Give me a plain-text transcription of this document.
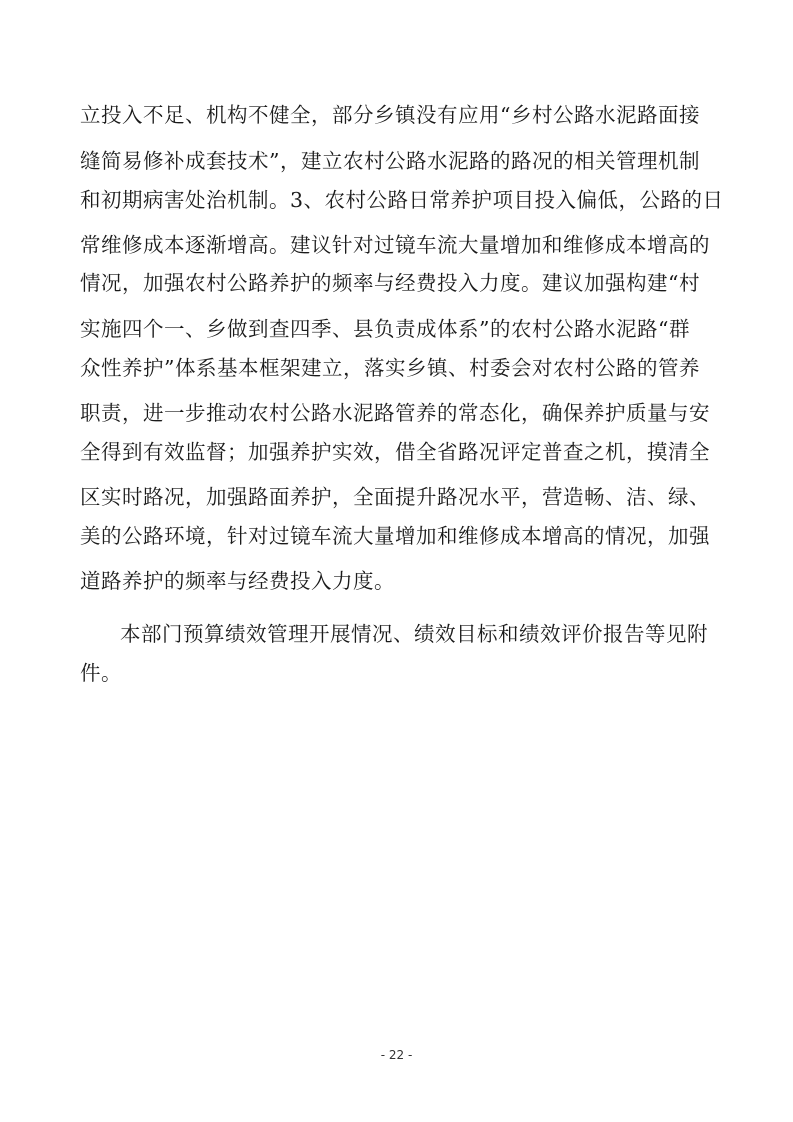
立投入不足、机构不健全，部分乡镇没有应用“乡村公路水泥路面接
缝简易修补成套技术”，建立农村公路水泥路的路况的相关管理机制
和初期病害处治机制。3、农村公路日常养护项目投入偏低，公路的日
常维修成本逐渐增高。建议针对过镜车流大量增加和维修成本增高的
情况，加强农村公路养护的频率与经费投入力度。建议加强构建“村
实施四个一、乡做到查四季、县负责成体系”的农村公路水泥路“群
众性养护”体系基本框架建立，落实乡镇、村委会对农村公路的管养
职责，进一步推动农村公路水泥路管养的常态化，确保养护质量与安
全得到有效监督；加强养护实效，借全省路况评定普查之机，摸清全
区实时路况，加强路面养护，全面提升路况水平，营造畅、洁、绿、
美的公路环境，针对过镜车流大量增加和维修成本增高的情况，加强
道路养护的频率与经费投入力度。
本部门预算绩效管理开展情况、绩效目标和绩效评价报告等见附
件。
- 22 -
